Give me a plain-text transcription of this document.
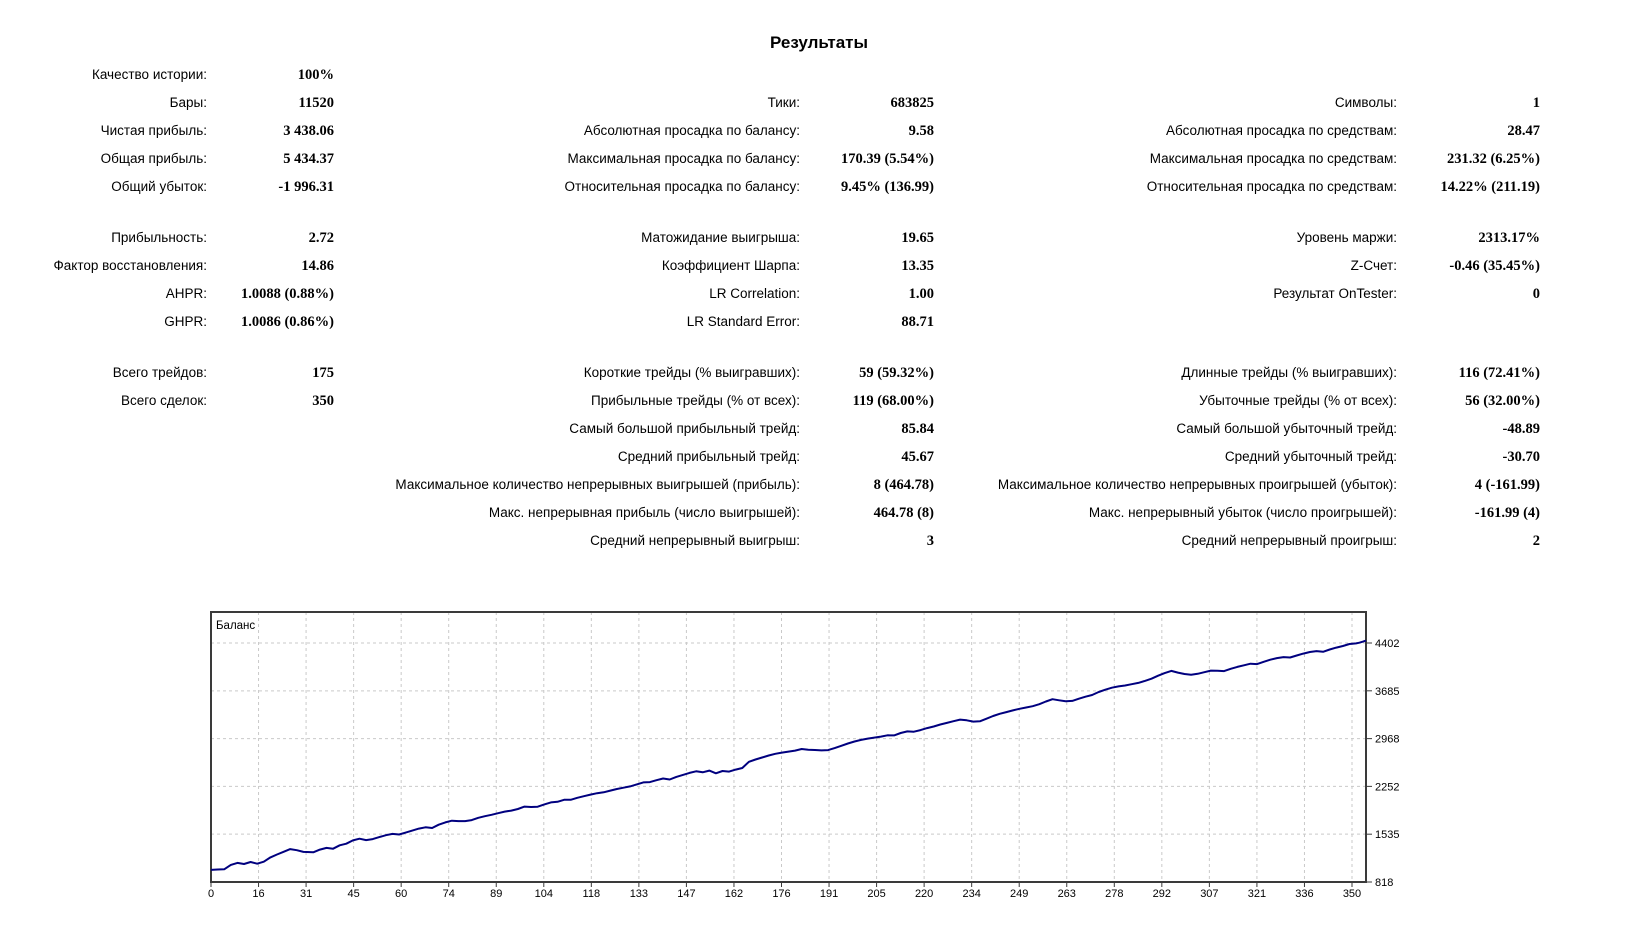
Результаты
Качество истории:	100%
Бары:	11520	Тики:	683825	Символы:	1
Чистая прибыль:	3 438.06	Абсолютная просадка по балансу:	9.58	Абсолютная просадка по средствам:	28.47
Общая прибыль:	5 434.37	Максимальная просадка по балансу:	170.39 (5.54%)	Максимальная просадка по средствам:	231.32 (6.25%)
Общий убыток:	-1 996.31	Относительная просадка по балансу:	9.45% (136.99)	Относительная просадка по средствам:	14.22% (211.19)
Прибыльность:	2.72	Матожидание выигрыша:	19.65	Уровень маржи:	2313.17%
Фактор восстановления:	14.86	Коэффициент Шарпа:	13.35	Z-Счет:	-0.46 (35.45%)
AHPR: 1.0088 (0.88%)	LR Correlation:	1.00	Результат OnTester:	0
GHPR: 1.0086 (0.86%)	LR Standard Error:	88.71
Всего трейдов:	175	Короткие трейды (% выигравших):	59 (59.32%)	Длинные трейды (% выигравших):	116 (72.41%)
Всего сделок:	350	Прибыльные трейды (% от всех):	119 (68.00%)	Убыточные трейды (% от всех):	56 (32.00%)
Самый большой прибыльный трейд:	85.84	Самый большой убыточный трейд:	-48.89
Средний прибыльный трейд:	45.67	Средний убыточный трейд:	-30.70
Максимальное количество непрерывных выигрышей (прибыль):	8 (464.78)	Максимальное количество непрерывных проигрышей (убыток):	4 (-161.99)
Макс. непрерывная прибыль (число выигрышей):	464.78 (8)	Макс. непрерывный убыток (число проигрышей):	-161.99 (4)
Средний непрерывный выигрыш:	3	Средний непрерывный проигрыш:	2
0	16	31	45	60	74	89	104	118	133	147	162	176	191	205	220	234	249	263	278	292	307	321	336	350
4402
3685
2968
2252
1535
818
Баланс
